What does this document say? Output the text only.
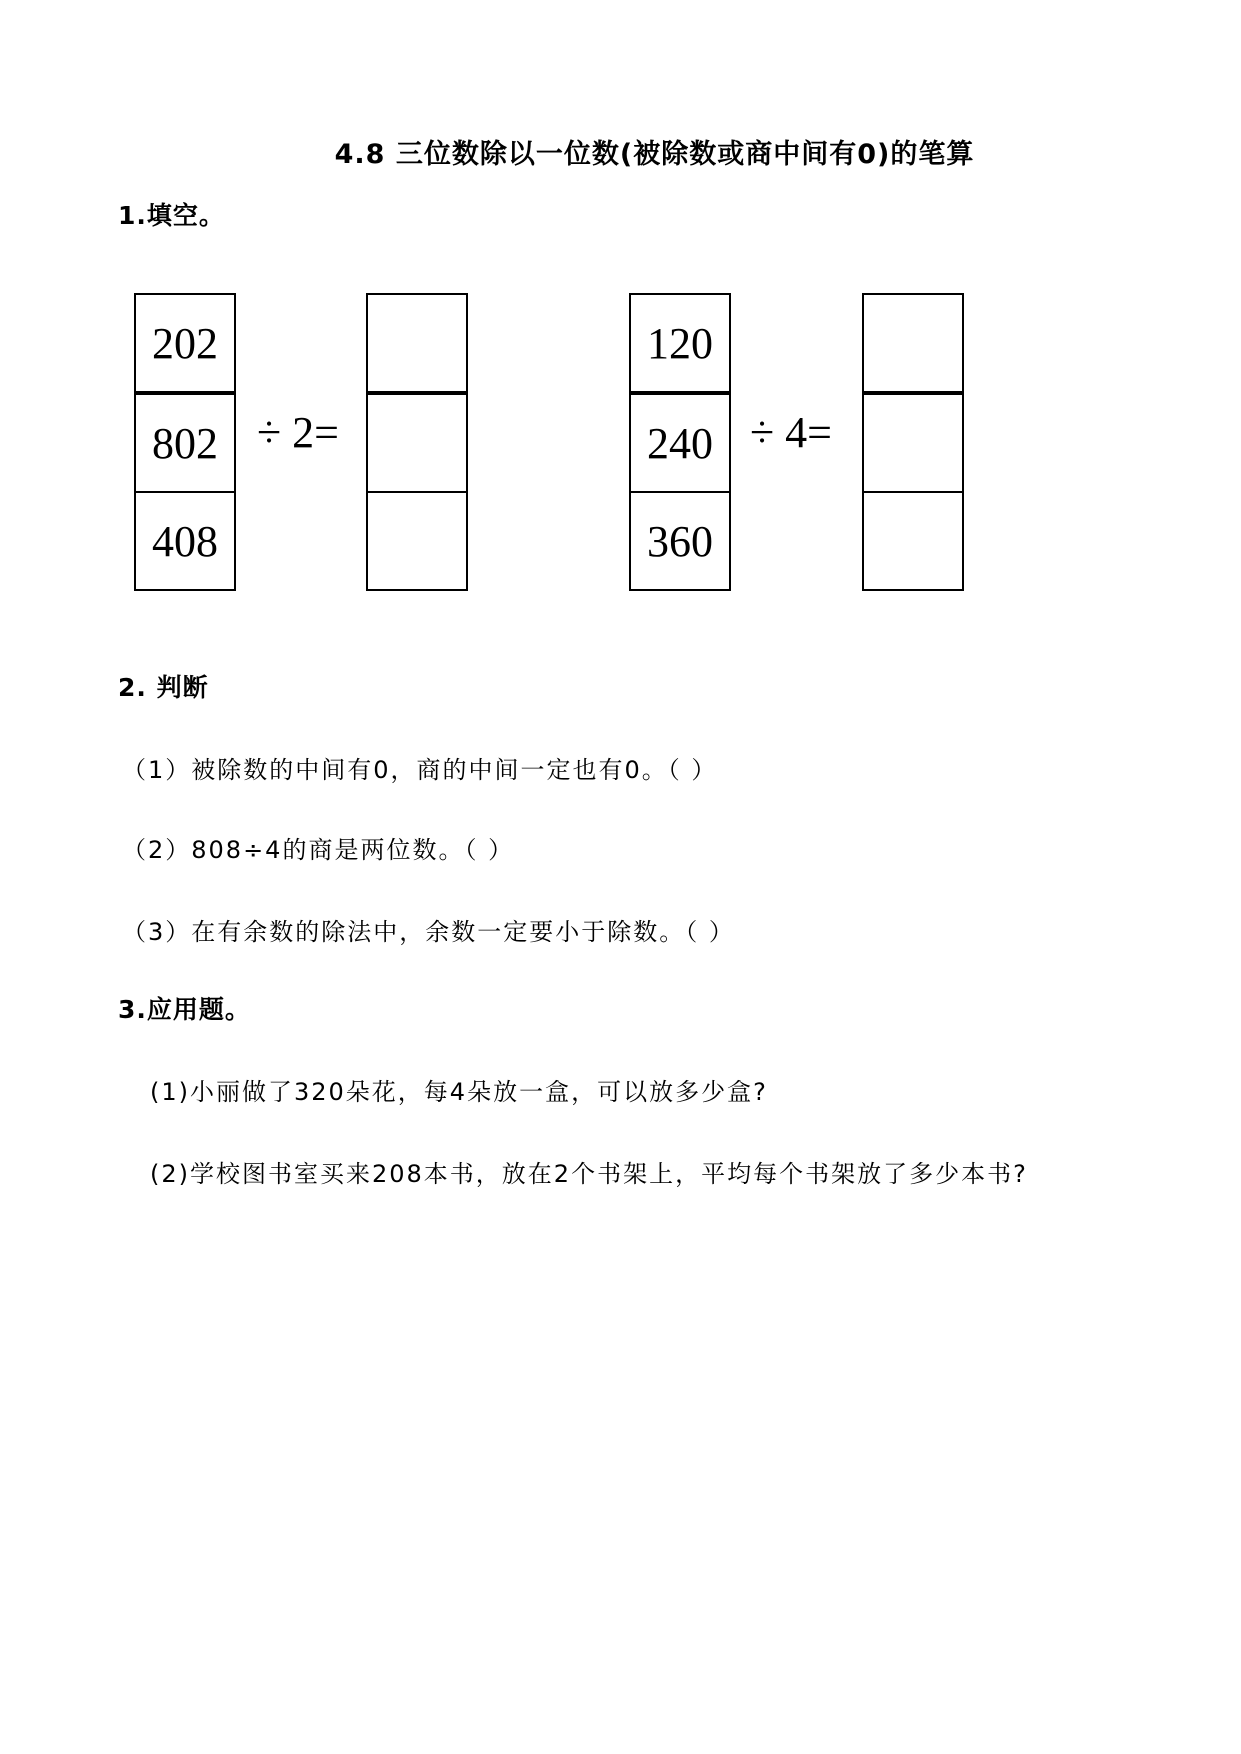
4.8 三位数除以一位数(被除数或商中间有0)的笔算
1.填空。
202
802
408
÷ 2=
120
240
360
÷ 4=
2. 判断
（1）被除数的中间有0，商的中间一定也有0。（ ）
（2）808÷4的商是两位数。（ ）
（3）在有余数的除法中，余数一定要小于除数。（ ）
3.应用题。
(1)小丽做了320朵花，每4朵放一盒，可以放多少盒?
(2)学校图书室买来208本书，放在2个书架上，平均每个书架放了多少本书?
